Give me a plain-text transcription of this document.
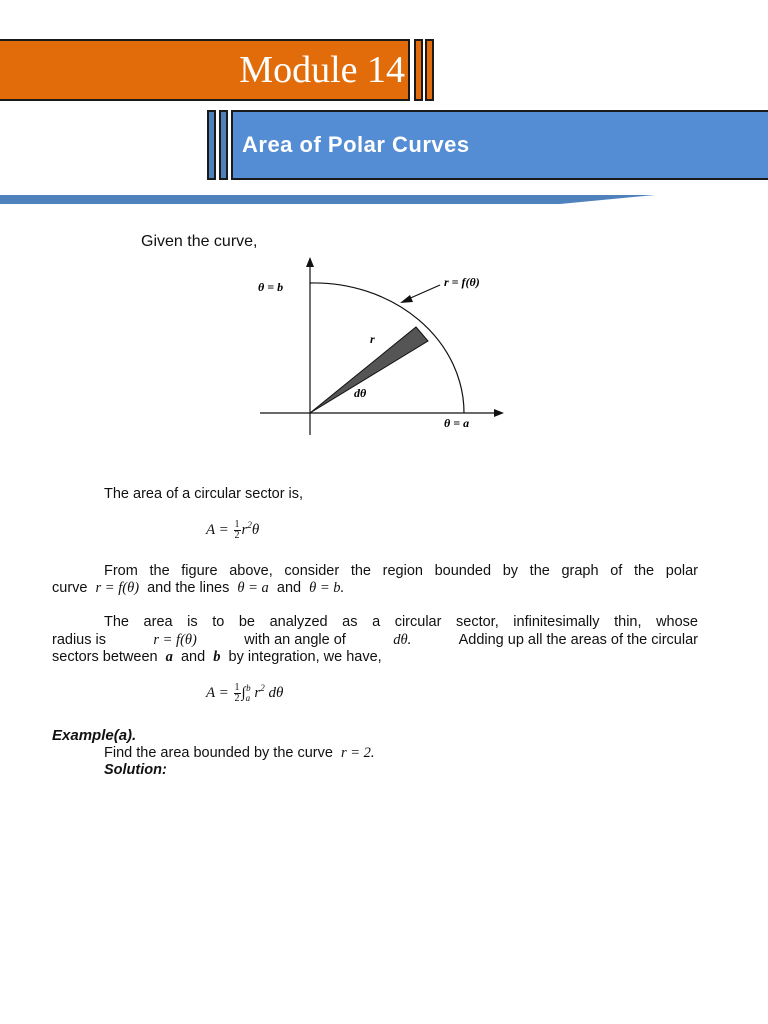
Module 14
Area of Polar Curves
Given the curve,
θ = b	r = f(θ)
r
dθ
θ = a
The area of a circular sector is,
$A = \frac{1}{2} r^2\theta$
From the figure above, consider the region bounded by the graph of the polar
curve r = f(θ) and the lines θ = a and θ = b.
The area is to be analyzed as a circular sector, infinitesimally thin, whose
radius is	r = f(θ)	with an angle of	dθ.	Adding up all the areas of the circular
sectors between a and b by integration, we have,
$A = \frac{1}{2} \int_a^b$ $r^2$ dθ
Example(a).
Find the area bounded by the curve r = 2.
Solution:
